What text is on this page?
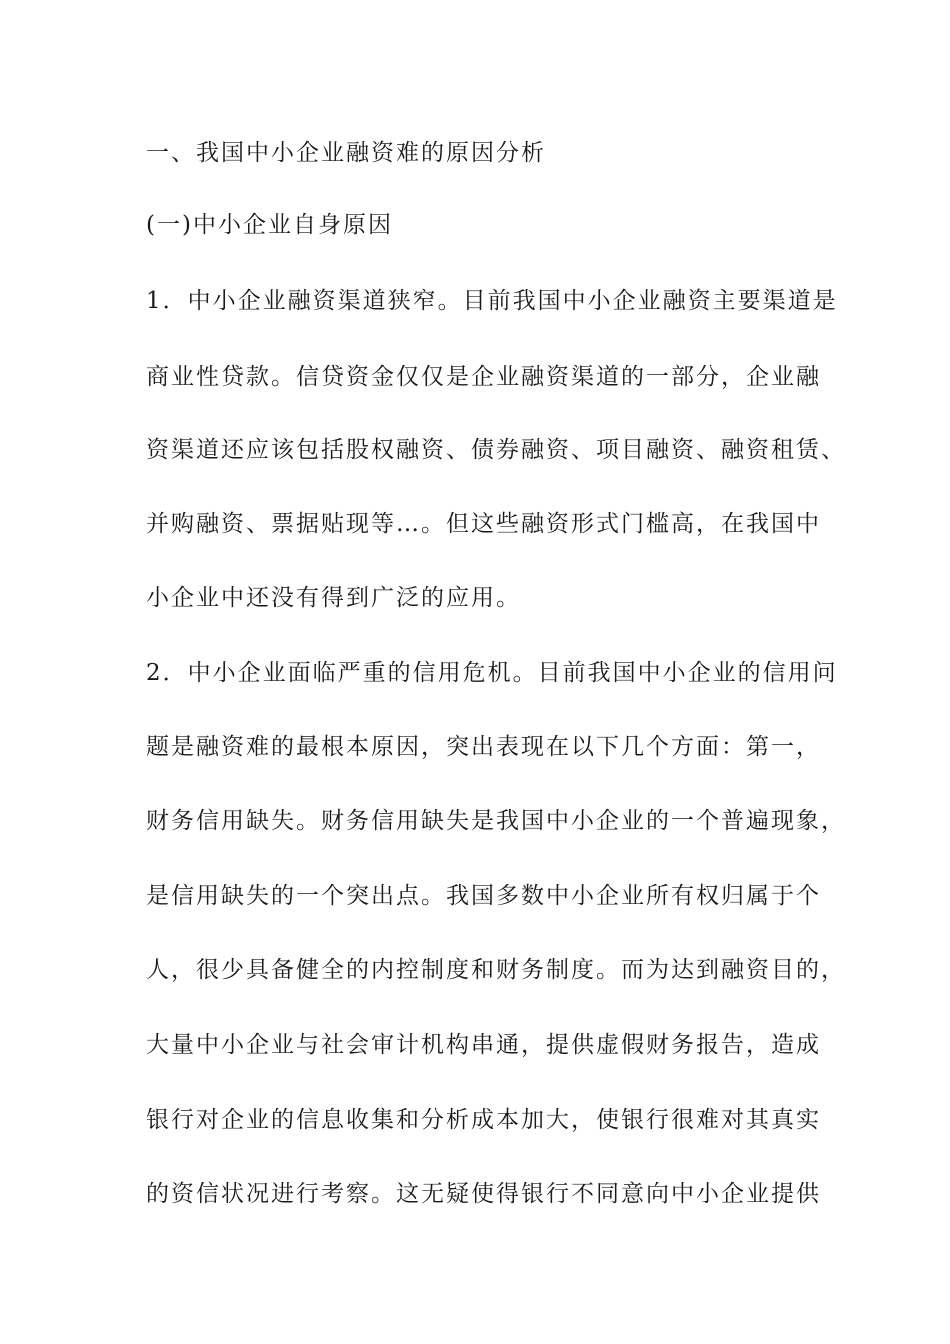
一、我国中小企业融资难的原因分析

(一)中小企业自身原因

1．中小企业融资渠道狭窄。目前我国中小企业融资主要渠道是

商业性贷款。信贷资金仅仅是企业融资渠道的一部分，企业融

资渠道还应该包括股权融资、债券融资、项目融资、融资租赁、

并购融资、票据贴现等…。但这些融资形式门槛高，在我国中

小企业中还没有得到广泛的应用。

2．中小企业面临严重的信用危机。目前我国中小企业的信用问

题是融资难的最根本原因，突出表现在以下几个方面：第一，

财务信用缺失。财务信用缺失是我国中小企业的一个普遍现象，

是信用缺失的一个突出点。我国多数中小企业所有权归属于个

人，很少具备健全的内控制度和财务制度。而为达到融资目的，

大量中小企业与社会审计机构串通，提供虚假财务报告，造成

银行对企业的信息收集和分析成本加大，使银行很难对其真实

的资信状况进行考察。这无疑使得银行不同意向中小企业提供
